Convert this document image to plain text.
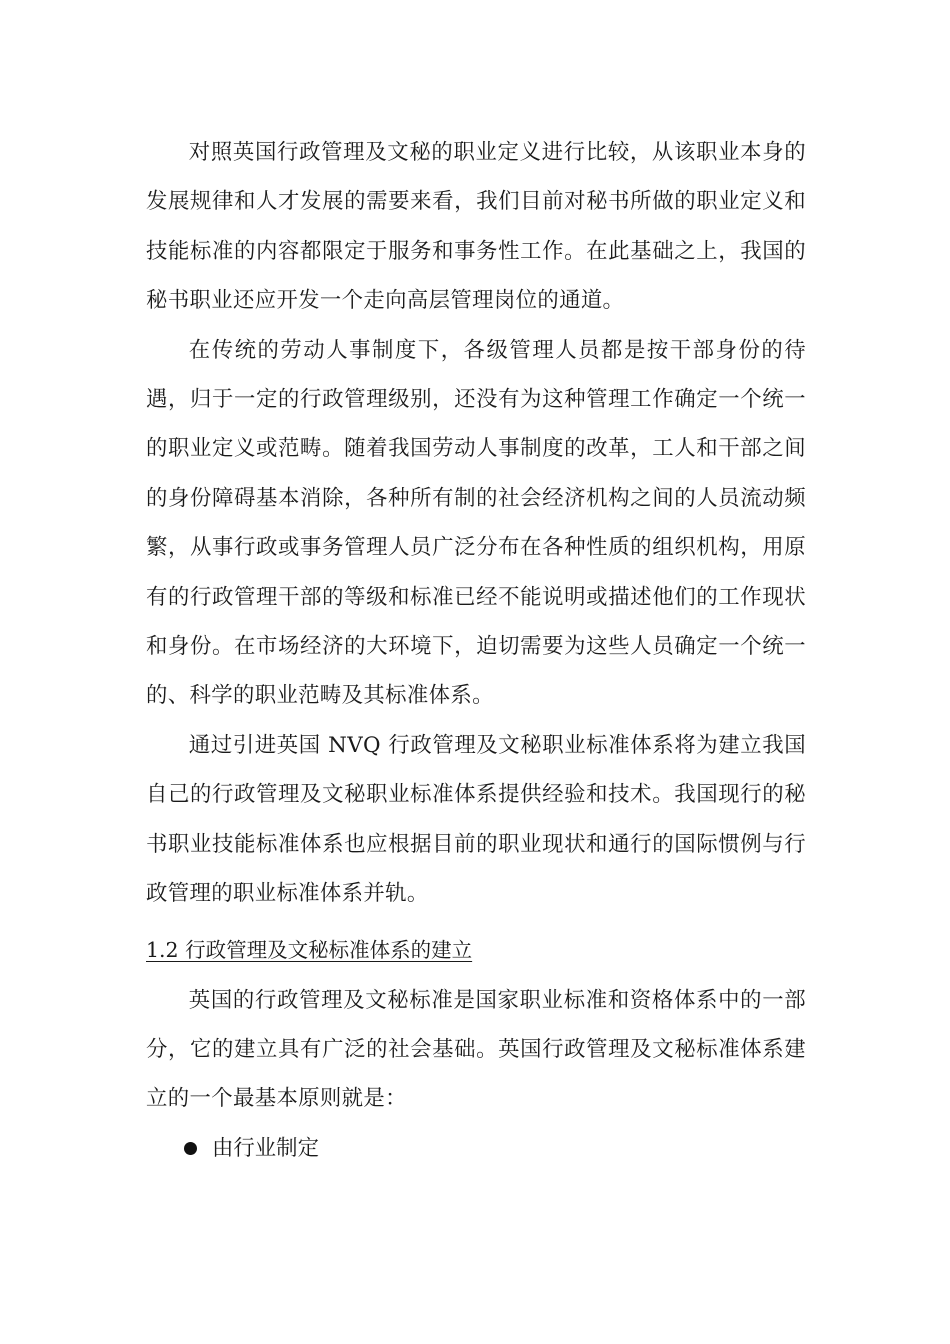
对照英国行政管理及文秘的职业定义进行比较，从该职业本身的发展规律和人才发展的需要来看，我们目前对秘书所做的职业定义和技能标准的内容都限定于服务和事务性工作。在此基础之上，我国的秘书职业还应开发一个走向高层管理岗位的通道。

在传统的劳动人事制度下，各级管理人员都是按干部身份的待遇，归于一定的行政管理级别，还没有为这种管理工作确定一个统一的职业定义或范畴。随着我国劳动人事制度的改革，工人和干部之间的身份障碍基本消除，各种所有制的社会经济机构之间的人员流动频繁，从事行政或事务管理人员广泛分布在各种性质的组织机构，用原有的行政管理干部的等级和标准已经不能说明或描述他们的工作现状和身份。在市场经济的大环境下，迫切需要为这些人员确定一个统一的、科学的职业范畴及其标准体系。

通过引进英国 NVQ 行政管理及文秘职业标准体系将为建立我国自己的行政管理及文秘职业标准体系提供经验和技术。我国现行的秘书职业技能标准体系也应根据目前的职业现状和通行的国际惯例与行政管理的职业标准体系并轨。

1.2 行政管理及文秘标准体系的建立

英国的行政管理及文秘标准是国家职业标准和资格体系中的一部分，它的建立具有广泛的社会基础。英国行政管理及文秘标准体系建立的一个最基本原则就是：

由行业制定
